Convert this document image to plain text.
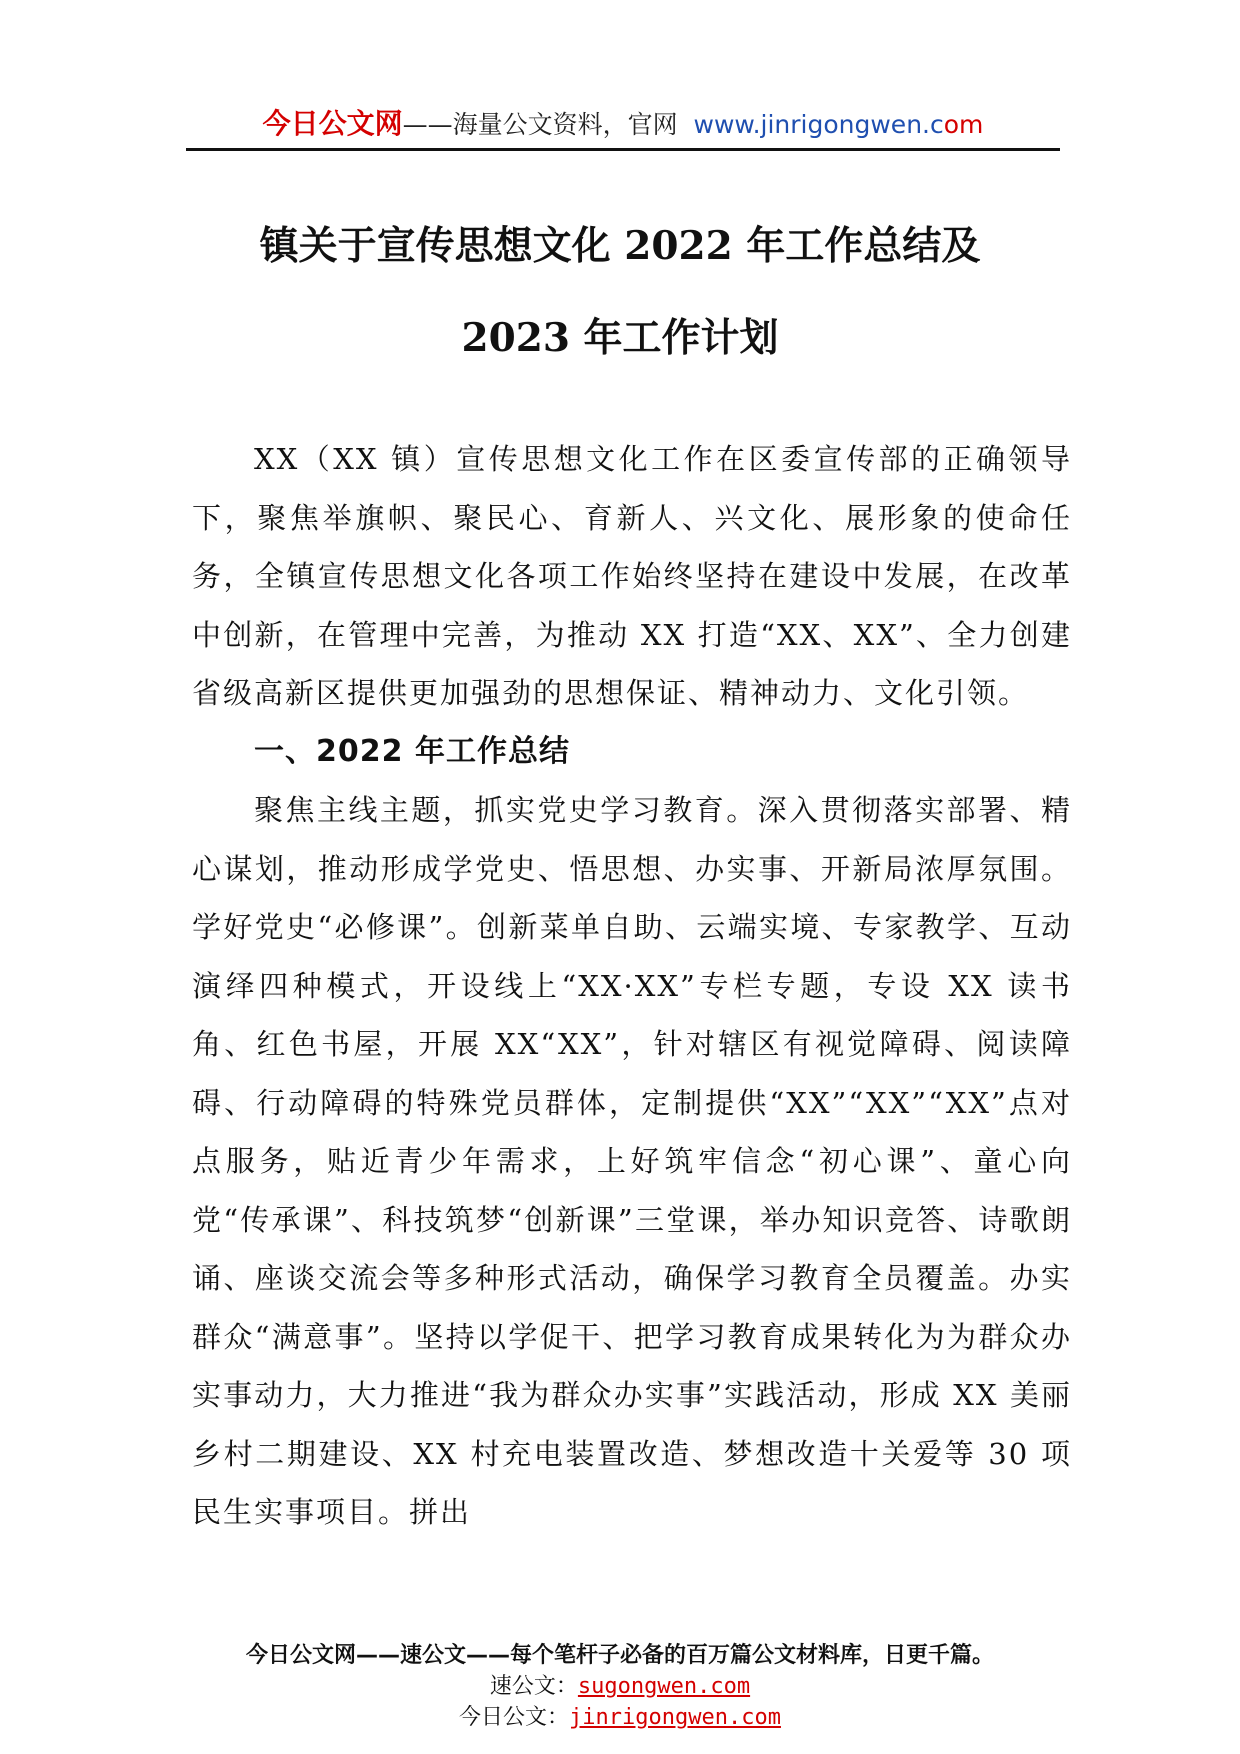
今日公文网——海量公文资料，官网 www.jinrigongwen.com
镇关于宣传思想文化 2022 年工作总结及
2023 年工作计划

XX（XX 镇）宣传思想文化工作在区委宣传部的正确领导下，聚焦举旗帜、聚民心、育新人、兴文化、展形象的使命任务，全镇宣传思想文化各项工作始终坚持在建设中发展，在改革中创新，在管理中完善，为推动 XX 打造“XX、XX”、全力创建省级高新区提供更加强劲的思想保证、精神动力、文化引领。

一、2022 年工作总结

聚焦主线主题，抓实党史学习教育。深入贯彻落实部署、精心谋划，推动形成学党史、悟思想、办实事、开新局浓厚氛围。学好党史“必修课”。创新菜单自助、云端实境、专家教学、互动演绎四种模式，开设线上“XX·XX”专栏专题，专设 XX 读书角、红色书屋，开展 XX“XX”，针对辖区有视觉障碍、阅读障碍、行动障碍的特殊党员群体，定制提供“XX”“XX”“XX”点对点服务，贴近青少年需求，上好筑牢信念“初心课”、童心向党“传承课”、科技筑梦“创新课”三堂课，举办知识竞答、诗歌朗诵、座谈交流会等多种形式活动，确保学习教育全员覆盖。办实群众“满意事”。坚持以学促干、把学习教育成果转化为为群众办实事动力，大力推进“我为群众办实事”实践活动，形成 XX 美丽乡村二期建设、XX 村充电装置改造、梦想改造十关爱等 30 项民生实事项目。拼出

今日公文网——速公文——每个笔杆子必备的百万篇公文材料库，日更千篇。
速公文：sugongwen.com
今日公文：jinrigongwen.com
